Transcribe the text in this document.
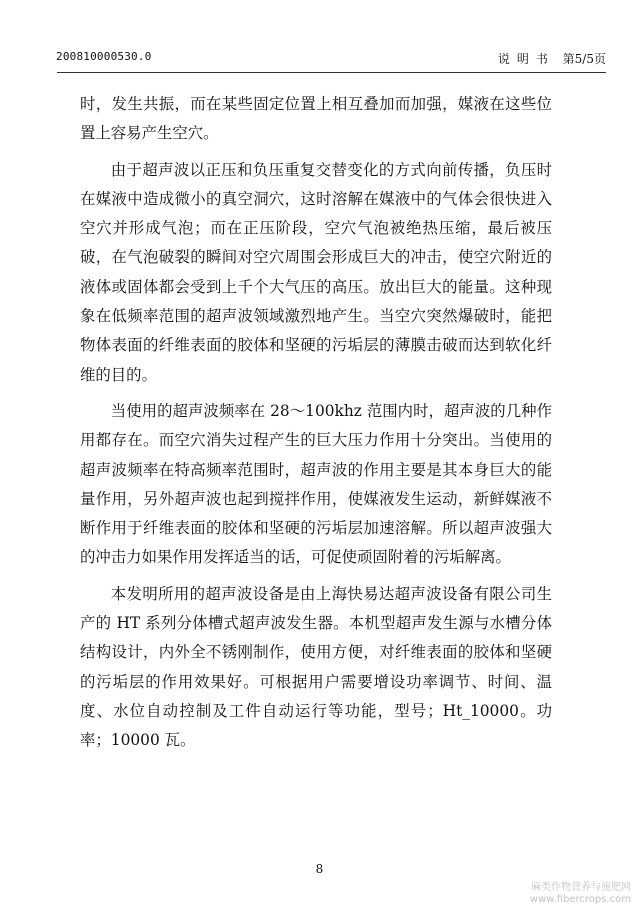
200810000530.0	说明书 第5/5页

时，发生共振，而在某些固定位置上相互叠加而加强，媒液在这些位置上容易产生空穴。

由于超声波以正压和负压重复交替变化的方式向前传播，负压时在媒液中造成微小的真空洞穴，这时溶解在媒液中的气体会很快进入空穴并形成气泡；而在正压阶段，空穴气泡被绝热压缩，最后被压破，在气泡破裂的瞬间对空穴周围会形成巨大的冲击，使空穴附近的液体或固体都会受到上千个大气压的高压。放出巨大的能量。这种现象在低频率范围的超声波领域激烈地产生。当空穴突然爆破时，能把物体表面的纤维表面的胶体和坚硬的污垢层的薄膜击破而达到软化纤维的目的。

当使用的超声波频率在 28～100khz 范围内时，超声波的几种作用都存在。而空穴消失过程产生的巨大压力作用十分突出。当使用的超声波频率在特高频率范围时，超声波的作用主要是其本身巨大的能量作用，另外超声波也起到搅拌作用，使媒液发生运动，新鲜媒液不断作用于纤维表面的胶体和坚硬的污垢层加速溶解。所以超声波强大的冲击力如果作用发挥适当的话，可促使顽固附着的污垢解离。

本发明所用的超声波设备是由上海快易达超声波设备有限公司生产的 HT 系列分体槽式超声波发生器。本机型超声发生源与水槽分体结构设计，内外全不锈刚制作，使用方便，对纤维表面的胶体和坚硬的污垢层的作用效果好。可根据用户需要增设功率调节、时间、温度、水位自动控制及工件自动运行等功能，型号；Ht_10000。功率；10000 瓦。

8
麻类作物营养与施肥网
www.fibercrops.com
